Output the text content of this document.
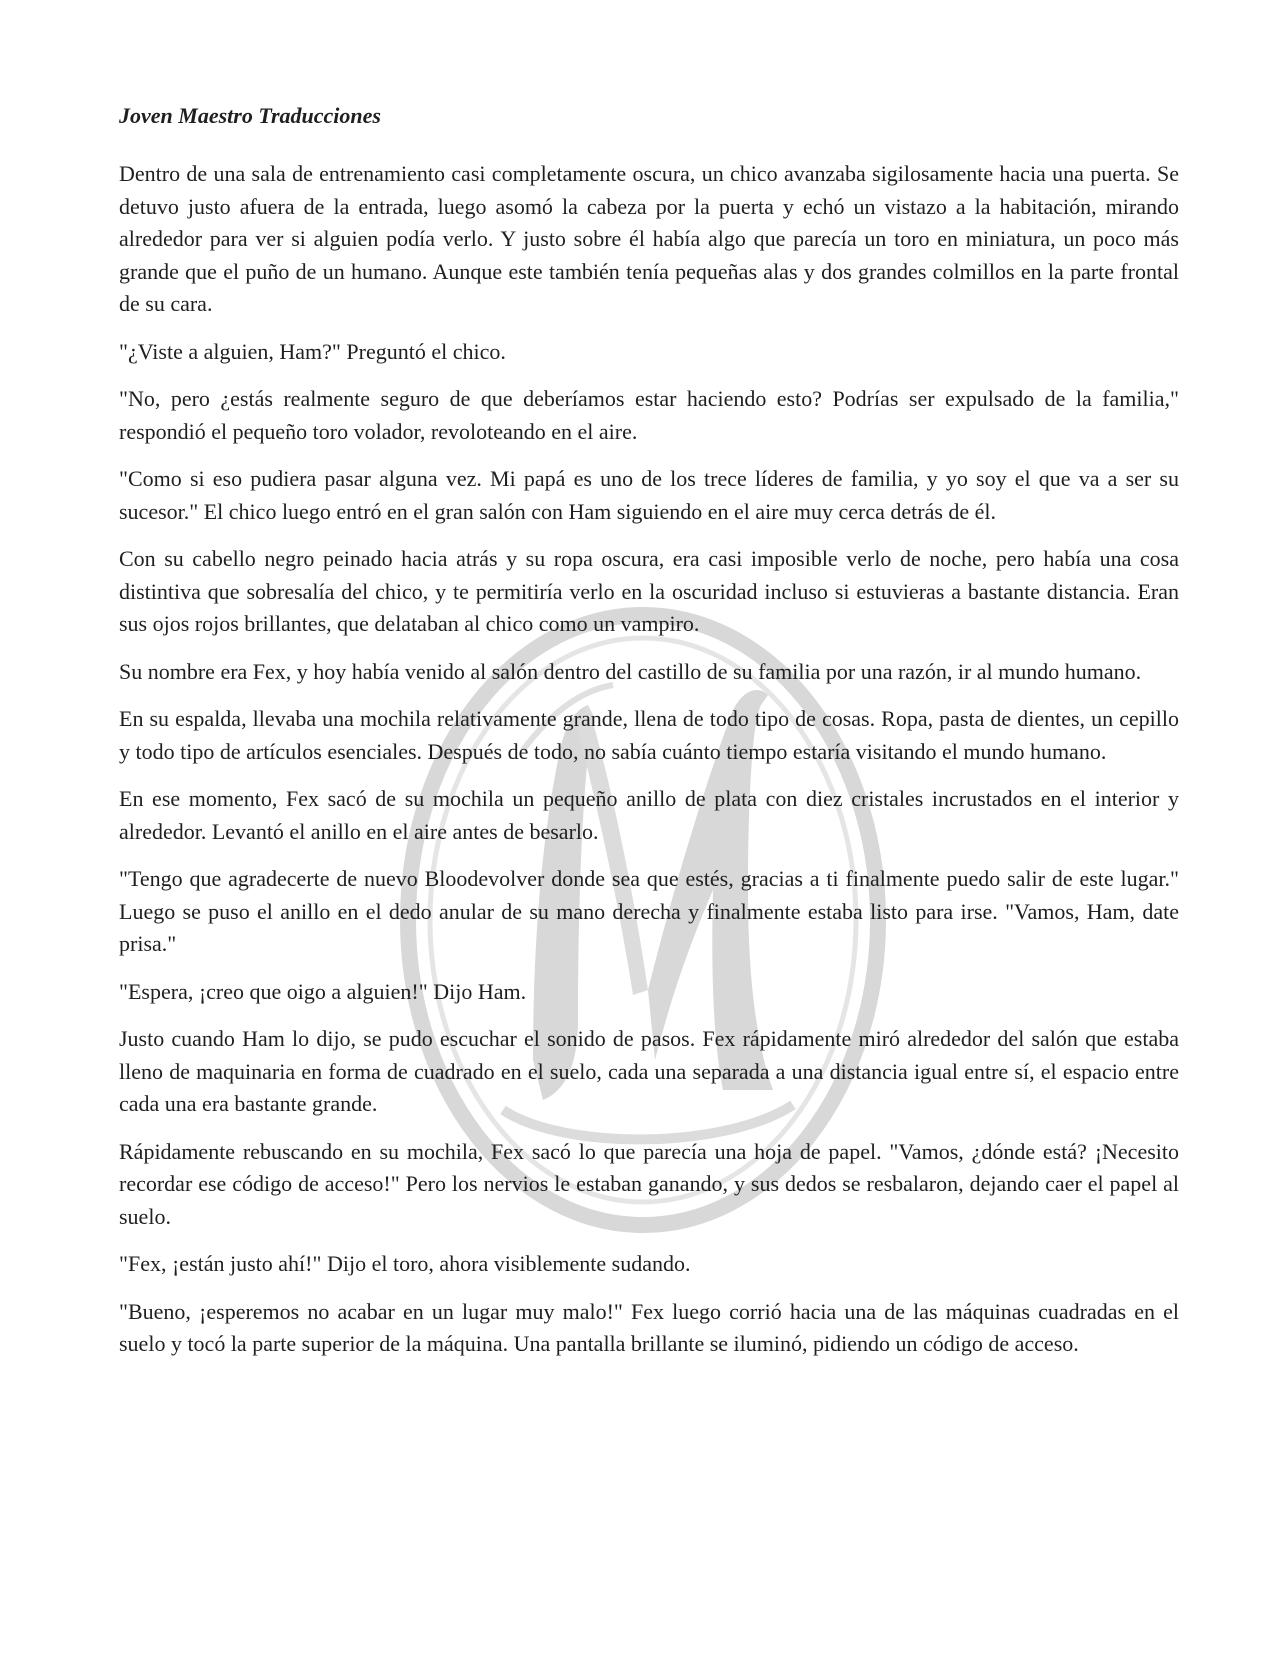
Joven Maestro Traducciones

Dentro de una sala de entrenamiento casi completamente oscura, un chico avanzaba sigilosamente hacia una puerta. Se detuvo justo afuera de la entrada, luego asomó la cabeza por la puerta y echó un vistazo a la habitación, mirando alrededor para ver si alguien podía verlo. Y justo sobre él había algo que parecía un toro en miniatura, un poco más grande que el puño de un humano. Aunque este también tenía pequeñas alas y dos grandes colmillos en la parte frontal de su cara.

"¿Viste a alguien, Ham?" Preguntó el chico.

"No, pero ¿estás realmente seguro de que deberíamos estar haciendo esto? Podrías ser expulsado de la familia," respondió el pequeño toro volador, revoloteando en el aire.

"Como si eso pudiera pasar alguna vez. Mi papá es uno de los trece líderes de familia, y yo soy el que va a ser su sucesor." El chico luego entró en el gran salón con Ham siguiendo en el aire muy cerca detrás de él.

Con su cabello negro peinado hacia atrás y su ropa oscura, era casi imposible verlo de noche, pero había una cosa distintiva que sobresalía del chico, y te permitiría verlo en la oscuridad incluso si estuvieras a bastante distancia. Eran sus ojos rojos brillantes, que delataban al chico como un vampiro.

Su nombre era Fex, y hoy había venido al salón dentro del castillo de su familia por una razón, ir al mundo humano.

En su espalda, llevaba una mochila relativamente grande, llena de todo tipo de cosas. Ropa, pasta de dientes, un cepillo y todo tipo de artículos esenciales. Después de todo, no sabía cuánto tiempo estaría visitando el mundo humano.

En ese momento, Fex sacó de su mochila un pequeño anillo de plata con diez cristales incrustados en el interior y alrededor. Levantó el anillo en el aire antes de besarlo.

"Tengo que agradecerte de nuevo Bloodevolver donde sea que estés, gracias a ti finalmente puedo salir de este lugar." Luego se puso el anillo en el dedo anular de su mano derecha y finalmente estaba listo para irse. "Vamos, Ham, date prisa."

"Espera, ¡creo que oigo a alguien!" Dijo Ham.

Justo cuando Ham lo dijo, se pudo escuchar el sonido de pasos. Fex rápidamente miró alrededor del salón que estaba lleno de maquinaria en forma de cuadrado en el suelo, cada una separada a una distancia igual entre sí, el espacio entre cada una era bastante grande.

Rápidamente rebuscando en su mochila, Fex sacó lo que parecía una hoja de papel. "Vamos, ¿dónde está? ¡Necesito recordar ese código de acceso!" Pero los nervios le estaban ganando, y sus dedos se resbalaron, dejando caer el papel al suelo.

"Fex, ¡están justo ahí!" Dijo el toro, ahora visiblemente sudando.

"Bueno, ¡esperemos no acabar en un lugar muy malo!" Fex luego corrió hacia una de las máquinas cuadradas en el suelo y tocó la parte superior de la máquina. Una pantalla brillante se iluminó, pidiendo un código de acceso.
